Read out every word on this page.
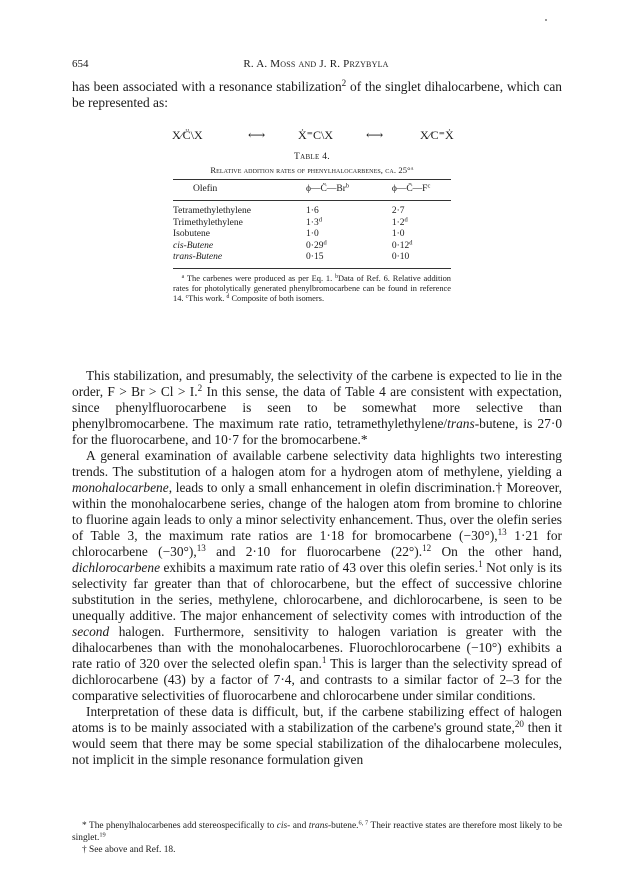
654	R. A. Moss and J. R. Przybyla
has been associated with a resonance stabilization$^2$ of the singlet dihalocarbene, which can be represented as:
X⁄C̈\X	⟷	Ẋ⁼C\X	⟷	X⁄C⁼Ẋ
Table 4.
Relative addition rates of phenylhalocarbenes, ca. 25°$^a$
Olefin	ϕ—C̈—Br$^b$	$\phi—C̈—F^c$
Tetramethylethylene	1·6	2·7
Trimethylethylene	$1\cdot 3^d$	$1\cdot 2^d$
Isobutene	1·0	1·0
cis-Butene	$0\cdot 29^d$	$0\cdot 12^d$
trans-Butene	0·15	0·10
$^a$ The carbenes were produced as per Eq. 1. $^b$Data of Ref. 6. Relative addition rates for photolytically generated phenylbromocarbene can be found in reference 14. $^c$This work. $^d$ Composite of both isomers.

This stabilization, and presumably, the selectivity of the carbene is expected to lie in the order, F > Br > Cl > I.$^2$ In this sense, the data of Table 4 are consistent with expectation, since phenylfluorocarbene is seen to be somewhat more selective than phenylbromocarbene. The maximum rate ratio, tetramethylethylene/trans-butene, is 27·0 for the fluorocarbene, and 10·7 for the bromocarbene.*

A general examination of available carbene selectivity data highlights two interesting trends. The substitution of a halogen atom for a hydrogen atom of methylene, yielding a monohalocarbene, leads to only a small enhancement in olefin discrimination.† Moreover, within the monohalocarbene series, change of the halogen atom from bromine to chlorine to fluorine again leads to only a minor selectivity enhancement. Thus, over the olefin series of Table 3, the maximum rate ratios are 1·18 for bromocarbene (−30°),$^{13}$ 1·21 for chlorocarbene (−30°),$^{13}$ and 2·10 for fluorocarbene (22°).$^{12}$ On the other hand, dichlorocarbene exhibits a maximum rate ratio of 43 over this olefin series.$^1$ Not only is its selectivity far greater than that of chlorocarbene, but the effect of successive chlorine substitution in the series, methylene, chlorocarbene, and dichlorocarbene, is seen to be unequally additive. The major enhancement of selectivity comes with introduction of the second halogen. Furthermore, sensitivity to halogen variation is greater with the dihalocarbenes than with the monohalocarbenes. Fluorochlorocarbene (−10°) exhibits a rate ratio of 320 over the selected olefin span.$^1$ This is larger than the selectivity spread of dichlorocarbene (43) by a factor of 7·4, and contrasts to a similar factor of 2–3 for the comparative selectivities of fluorocarbene and chlorocarbene under similar conditions.

Interpretation of these data is difficult, but, if the carbene stabilizing effect of halogen atoms is to be mainly associated with a stabilization of the carbene's ground state,$^{20}$ then it would seem that there may be some special stabilization of the dihalocarbene molecules, not implicit in the simple resonance formulation given

* The phenylhalocarbenes add stereospecifically to cis- and trans-butene.$^{6, 7}$ Their reactive states are therefore most likely to be singlet.$^{19}$

† See above and Ref. 18.
